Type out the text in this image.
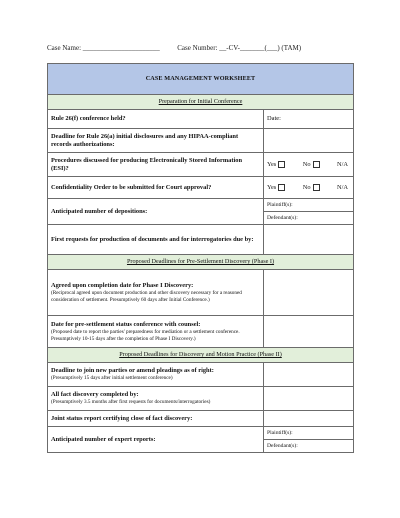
Case Name: ______________________	Case Number: __-CV-_______(___) (TAM)
CASE MANAGEMENT WORKSHEET	
Preparation for Initial Conference	
Rule 26(f) conference held?	Date:
Deadline for Rule 26(a) initial disclosures and any HIPAA-compliant records authorizations:	
Procedures discussed for producing Electronically Stored Information (ESI)?	Yes No N/A

Confidentiality Order to be submitted for Court approval?	Yes No N/A

Anticipated number of depositions:	Plaintiff(s):
Defendant(s):

First requests for production of documents and for interrogatories due by:	
Proposed Deadlines for Pre-Settlement Discovery (Phase I)	
Agreed upon completion date for Phase I Discovery:
(Reciprocal agreed upon document production and other discovery necessary for a reasoned consideration of settlement. Presumptively 60 days after Initial Conference.)	

Date for pre-settlement status conference with counsel:
(Proposed date to report the parties' preparedness for mediation or a settlement conference. Presumptively 10-15 days after the completion of Phase I Discovery.)	

Proposed Deadlines for Discovery and Motion Practice (Phase II)	
Deadline to join new parties or amend pleadings as of right:
(Presumptively 15 days after initial settlement conference)	

All fact discovery completed by:
(Presumptively 3.5 months after first requests for documents/interrogatories)	

Joint status report certifying close of fact discovery:	
Anticipated number of expert reports:	Plaintiff(s):
Defendant(s):
